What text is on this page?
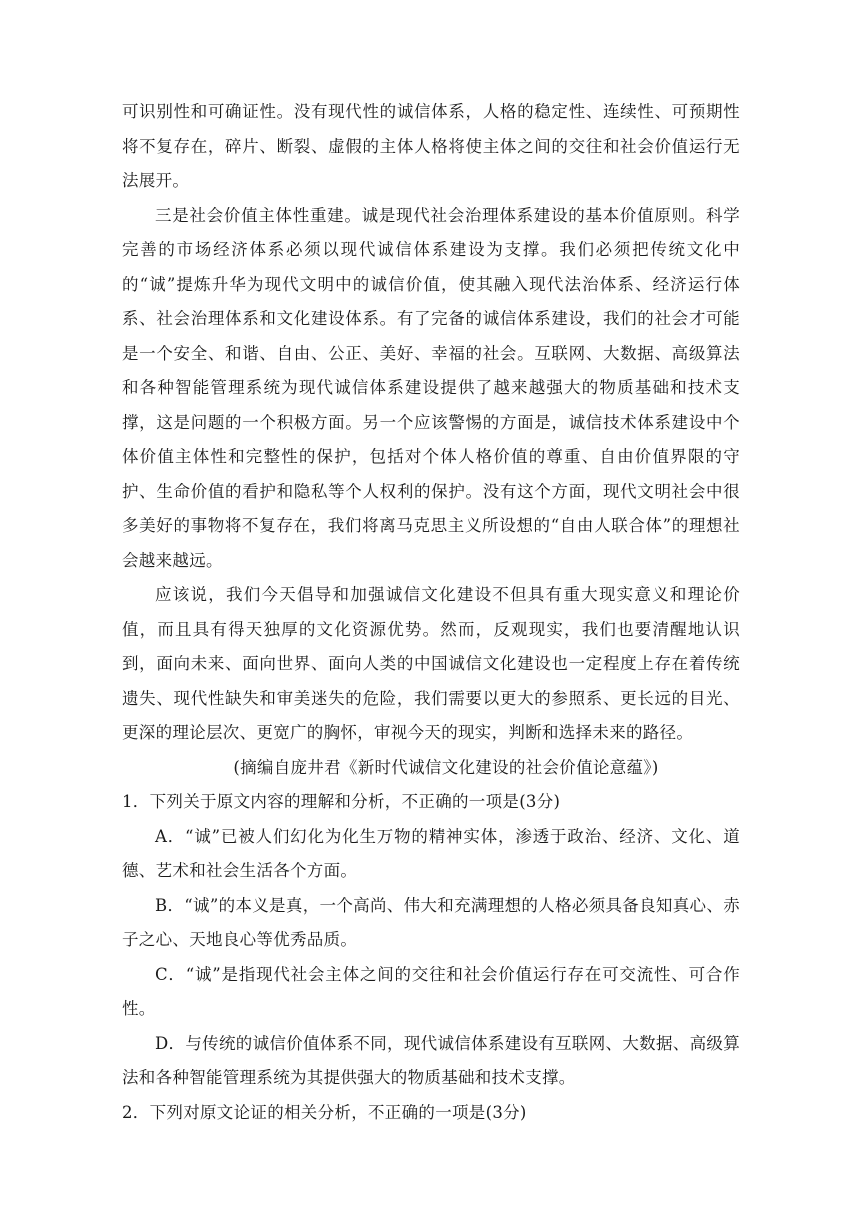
可识别性和可确证性。没有现代性的诚信体系，人格的稳定性、连续性、可预期性将不复存在，碎片、断裂、虚假的主体人格将使主体之间的交往和社会价值运行无法展开。

三是社会价值主体性重建。诚是现代社会治理体系建设的基本价值原则。科学完善的市场经济体系必须以现代诚信体系建设为支撑。我们必须把传统文化中的“诚”提炼升华为现代文明中的诚信价值，使其融入现代法治体系、经济运行体系、社会治理体系和文化建设体系。有了完备的诚信体系建设，我们的社会才可能是一个安全、和谐、自由、公正、美好、幸福的社会。互联网、大数据、高级算法和各种智能管理系统为现代诚信体系建设提供了越来越强大的物质基础和技术支撑，这是问题的一个积极方面。另一个应该警惕的方面是，诚信技术体系建设中个体价值主体性和完整性的保护，包括对个体人格价值的尊重、自由价值界限的守护、生命价值的看护和隐私等个人权利的保护。没有这个方面，现代文明社会中很多美好的事物将不复存在，我们将离马克思主义所设想的“自由人联合体”的理想社会越来越远。

应该说，我们今天倡导和加强诚信文化建设不但具有重大现实意义和理论价值，而且具有得天独厚的文化资源优势。然而，反观现实，我们也要清醒地认识到，面向未来、面向世界、面向人类的中国诚信文化建设也一定程度上存在着传统遗失、现代性缺失和审美迷失的危险，我们需要以更大的参照系、更长远的目光、更深的理论层次、更宽广的胸怀，审视今天的现实，判断和选择未来的路径。

(摘编自庞井君《新时代诚信文化建设的社会价值论意蕴》)

1．下列关于原文内容的理解和分析，不正确的一项是(3分)

A．“诚”已被人们幻化为化生万物的精神实体，渗透于政治、经济、文化、道德、艺术和社会生活各个方面。

B．“诚”的本义是真，一个高尚、伟大和充满理想的人格必须具备良知真心、赤子之心、天地良心等优秀品质。

C．“诚”是指现代社会主体之间的交往和社会价值运行存在可交流性、可合作性。

D．与传统的诚信价值体系不同，现代诚信体系建设有互联网、大数据、高级算法和各种智能管理系统为其提供强大的物质基础和技术支撑。

2．下列对原文论证的相关分析，不正确的一项是(3分)
